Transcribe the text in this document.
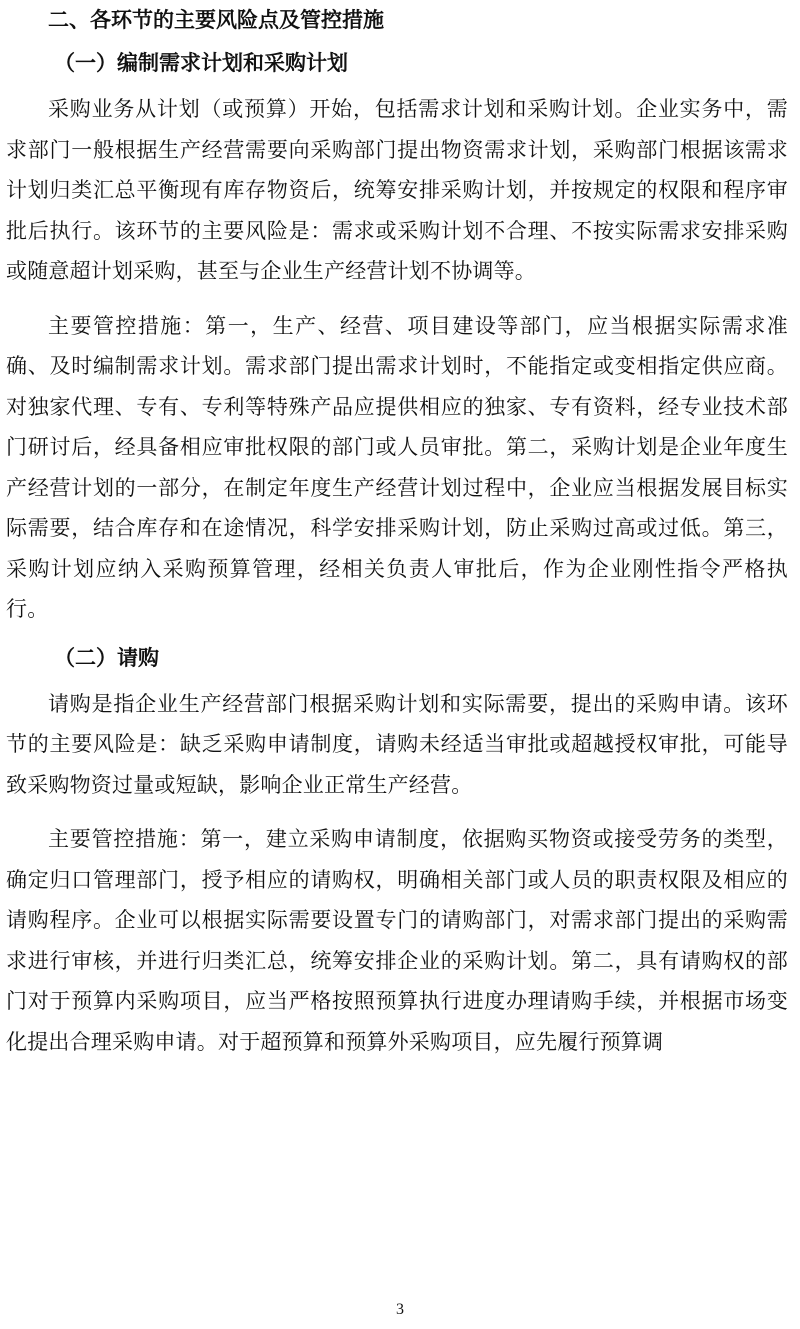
二、各环节的主要风险点及管控措施
（一）编制需求计划和采购计划

采购业务从计划（或预算）开始，包括需求计划和采购计划。企业实务中，需求部门一般根据生产经营需要向采购部门提出物资需求计划，采购部门根据该需求计划归类汇总平衡现有库存物资后，统筹安排采购计划，并按规定的权限和程序审批后执行。该环节的主要风险是：需求或采购计划不合理、不按实际需求安排采购或随意超计划采购，甚至与企业生产经营计划不协调等。

主要管控措施：第一，生产、经营、项目建设等部门，应当根据实际需求准确、及时编制需求计划。需求部门提出需求计划时，不能指定或变相指定供应商。对独家代理、专有、专利等特殊产品应提供相应的独家、专有资料，经专业技术部门研讨后，经具备相应审批权限的部门或人员审批。第二，采购计划是企业年度生产经营计划的一部分，在制定年度生产经营计划过程中，企业应当根据发展目标实际需要，结合库存和在途情况，科学安排采购计划，防止采购过高或过低。第三，采购计划应纳入采购预算管理，经相关负责人审批后，作为企业刚性指令严格执行。

（二）请购

请购是指企业生产经营部门根据采购计划和实际需要，提出的采购申请。该环节的主要风险是：缺乏采购申请制度，请购未经适当审批或超越授权审批，可能导致采购物资过量或短缺，影响企业正常生产经营。

主要管控措施：第一，建立采购申请制度，依据购买物资或接受劳务的类型，确定归口管理部门，授予相应的请购权，明确相关部门或人员的职责权限及相应的请购程序。企业可以根据实际需要设置专门的请购部门，对需求部门提出的采购需求进行审核，并进行归类汇总，统筹安排企业的采购计划。第二，具有请购权的部门对于预算内采购项目，应当严格按照预算执行进度办理请购手续，并根据市场变化提出合理采购申请。对于超预算和预算外采购项目，应先履行预算调

3
